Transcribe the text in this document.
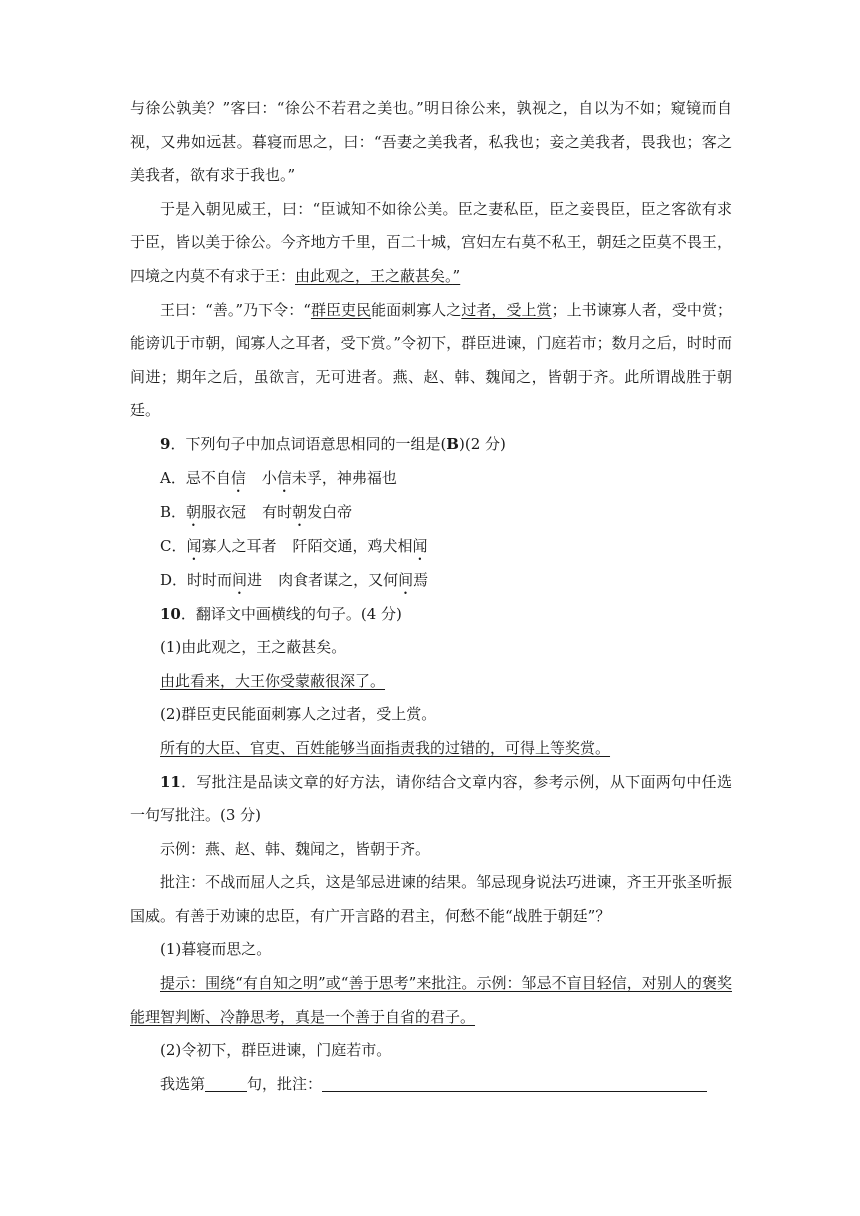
与徐公孰美？”客曰：“徐公不若君之美也。”明日徐公来，孰视之，自以为不如；窥镜而自视，又弗如远甚。暮寝而思之，曰：“吾妻之美我者，私我也；妾之美我者，畏我也；客之美我者，欲有求于我也。”

于是入朝见威王，曰：“臣诚知不如徐公美。臣之妻私臣，臣之妾畏臣，臣之客欲有求于臣，皆以美于徐公。今齐地方千里，百二十城，宫妇左右莫不私王，朝廷之臣莫不畏王，四境之内莫不有求于王：由此观之，王之蔽甚矣。”

王曰：“善。”乃下令：“群臣吏民能面刺寡人之过者，受上赏；上书谏寡人者，受中赏；能谤讥于市朝，闻寡人之耳者，受下赏。”令初下，群臣进谏，门庭若市；数月之后，时时而间进；期年之后，虽欲言，无可进者。燕、赵、韩、魏闻之，皆朝于齐。此所谓战胜于朝廷。

9．下列句子中加点词语意思相同的一组是(B)(2 分)

A．忌不自信 小信未孚，神弗福也

B．朝服衣冠 有时朝发白帝

C．闻寡人之耳者 阡陌交通，鸡犬相闻

D．时时而间进 肉食者谋之，又何间焉

10．翻译文中画横线的句子。(4 分)

(1)由此观之，王之蔽甚矣。

由此看来，大王你受蒙蔽很深了。

(2)群臣吏民能面刺寡人之过者，受上赏。

所有的大臣、官吏、百姓能够当面指责我的过错的，可得上等奖赏。

11．写批注是品读文章的好方法，请你结合文章内容，参考示例，从下面两句中任选一句写批注。(3 分)

示例：燕、赵、韩、魏闻之，皆朝于齐。

批注：不战而屈人之兵，这是邹忌进谏的结果。邹忌现身说法巧进谏，齐王开张圣听振国威。有善于劝谏的忠臣，有广开言路的君主，何愁不能“战胜于朝廷”？

(1)暮寝而思之。

提示：围绕“有自知之明”或“善于思考”来批注。示例：邹忌不盲目轻信，对别人的褒奖能理智判断、冷静思考，真是一个善于自省的君子。

(2)令初下，群臣进谏，门庭若市。

我选第	句，批注：
